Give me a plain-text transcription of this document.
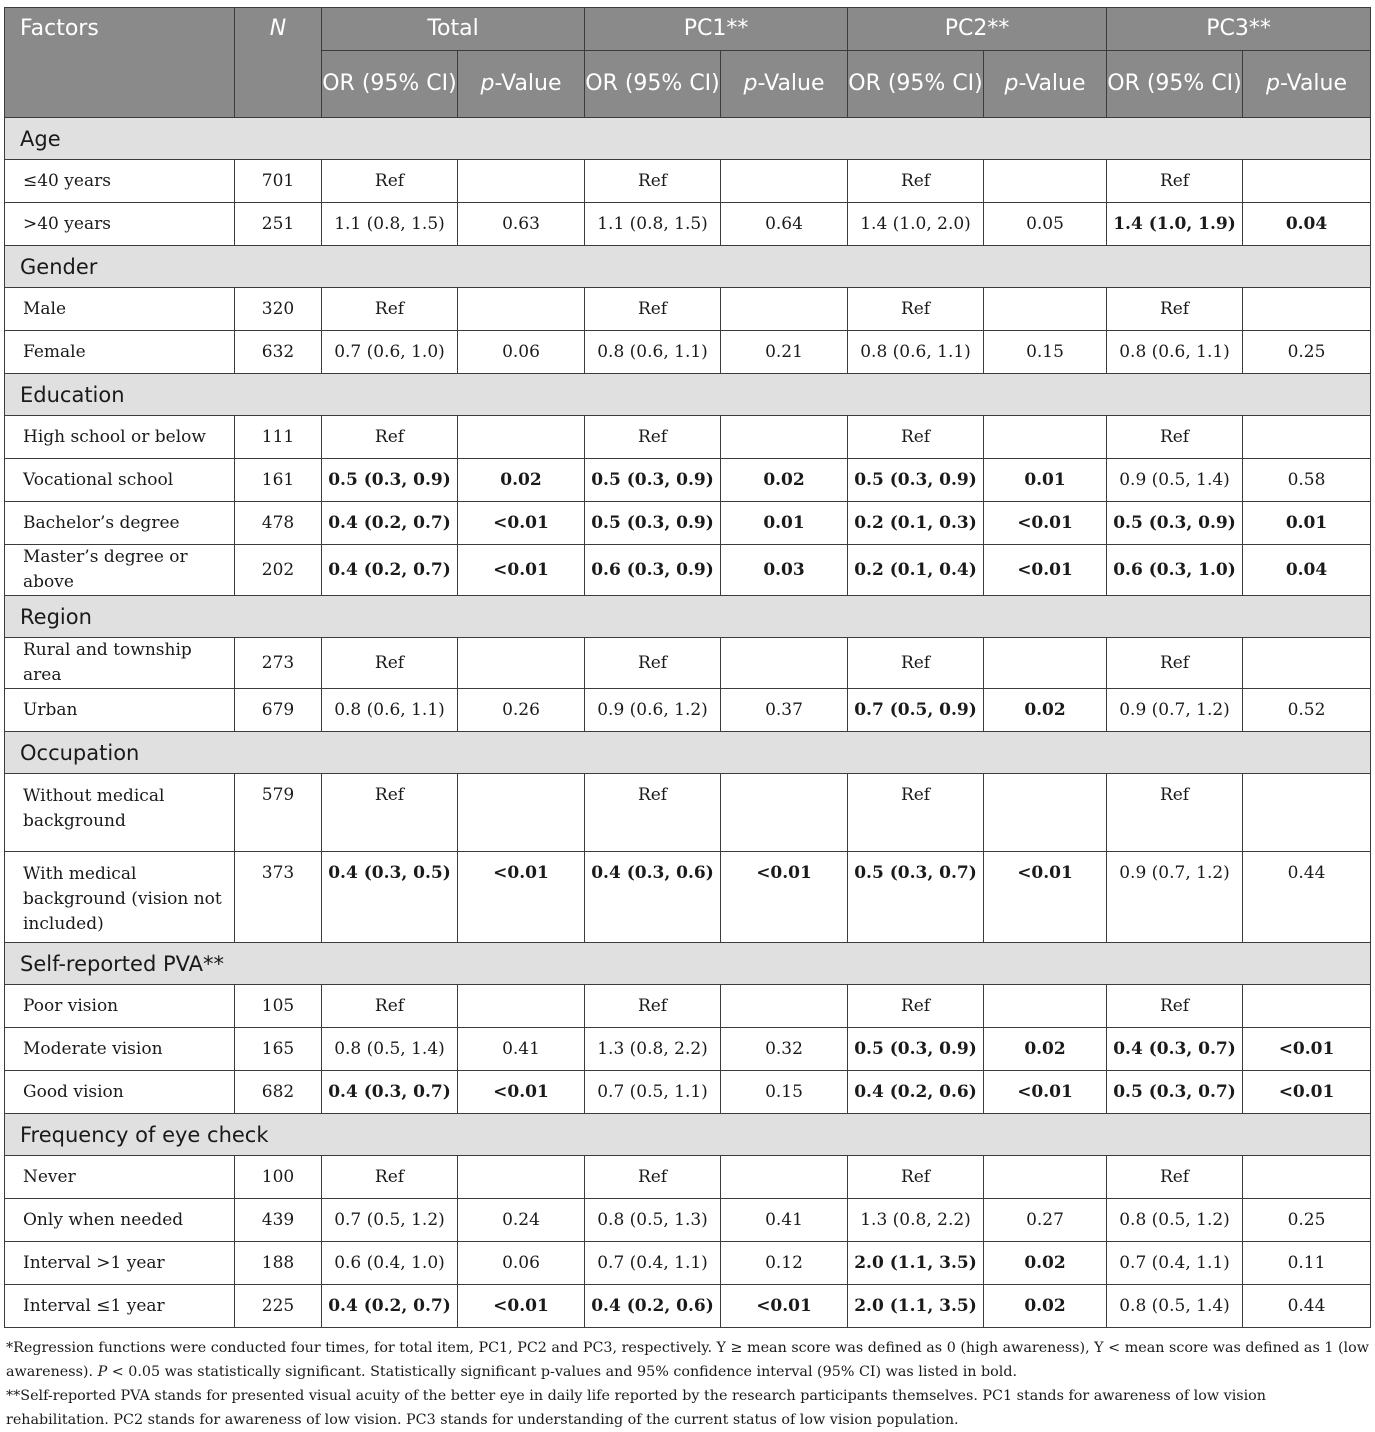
Factors	N	Total		PC1**		PC2**		PC3**	
		OR (95% CI)	p-Value	OR (95% CI)	p-Value	OR (95% CI)	p-Value	OR (95% CI)	p-Value
Age									
≤40 years	701	Ref		Ref		Ref		Ref	
>40 years	251	1.1 (0.8, 1.5)	0.63	1.1 (0.8, 1.5)	0.64	1.4 (1.0, 2.0)	0.05	1.4 (1.0, 1.9)	0.04
Gender									
Male	320	Ref		Ref		Ref		Ref	
Female	632	0.7 (0.6, 1.0)	0.06	0.8 (0.6, 1.1)	0.21	0.8 (0.6, 1.1)	0.15	0.8 (0.6, 1.1)	0.25
Education									
High school or below	111	Ref		Ref		Ref		Ref	
Vocational school	161	0.5 (0.3, 0.9)	0.02	0.5 (0.3, 0.9)	0.02	0.5 (0.3, 0.9)	0.01	0.9 (0.5, 1.4)	0.58
Bachelor’s degree	478	0.4 (0.2, 0.7)	<0.01	0.5 (0.3, 0.9)	0.01	0.2 (0.1, 0.3)	<0.01	0.5 (0.3, 0.9)	0.01
Master’s degree or above	202	0.4 (0.2, 0.7)	<0.01	0.6 (0.3, 0.9)	0.03	0.2 (0.1, 0.4)	<0.01	0.6 (0.3, 1.0)	0.04
Region									
Rural and township area	273	Ref		Ref		Ref		Ref	
Urban	679	0.8 (0.6, 1.1)	0.26	0.9 (0.6, 1.2)	0.37	0.7 (0.5, 0.9)	0.02	0.9 (0.7, 1.2)	0.52
Occupation									
Without medical background	579	Ref		Ref		Ref		Ref	
With medical background (vision not included)	373	0.4 (0.3, 0.5)	<0.01	0.4 (0.3, 0.6)	<0.01	0.5 (0.3, 0.7)	<0.01	0.9 (0.7, 1.2)	0.44
Self-reported PVA**									
Poor vision	105	Ref		Ref		Ref		Ref	
Moderate vision	165	0.8 (0.5, 1.4)	0.41	1.3 (0.8, 2.2)	0.32	0.5 (0.3, 0.9)	0.02	0.4 (0.3, 0.7)	<0.01
Good vision	682	0.4 (0.3, 0.7)	<0.01	0.7 (0.5, 1.1)	0.15	0.4 (0.2, 0.6)	<0.01	0.5 (0.3, 0.7)	<0.01
Frequency of eye check									
Never	100	Ref		Ref		Ref		Ref	
Only when needed	439	0.7 (0.5, 1.2)	0.24	0.8 (0.5, 1.3)	0.41	1.3 (0.8, 2.2)	0.27	0.8 (0.5, 1.2)	0.25
Interval >1 year	188	0.6 (0.4, 1.0)	0.06	0.7 (0.4, 1.1)	0.12	2.0 (1.1, 3.5)	0.02	0.7 (0.4, 1.1)	0.11
Interval ≤1 year	225	0.4 (0.2, 0.7)	<0.01	0.4 (0.2, 0.6)	<0.01	2.0 (1.1, 3.5)	0.02	0.8 (0.5, 1.4)	0.44

*Regression functions were conducted four times, for total item, PC1, PC2 and PC3, respectively. Y ≥ mean score was defined as 0 (high awareness), Y < mean score was defined as 1 (low awareness). P < 0.05 was statistically significant. Statistically significant p-values and 95% confidence interval (95% CI) was listed in bold.

**Self-reported PVA stands for presented visual acuity of the better eye in daily life reported by the research participants themselves. PC1 stands for awareness of low vision rehabilitation. PC2 stands for awareness of low vision. PC3 stands for understanding of the current status of low vision population.
